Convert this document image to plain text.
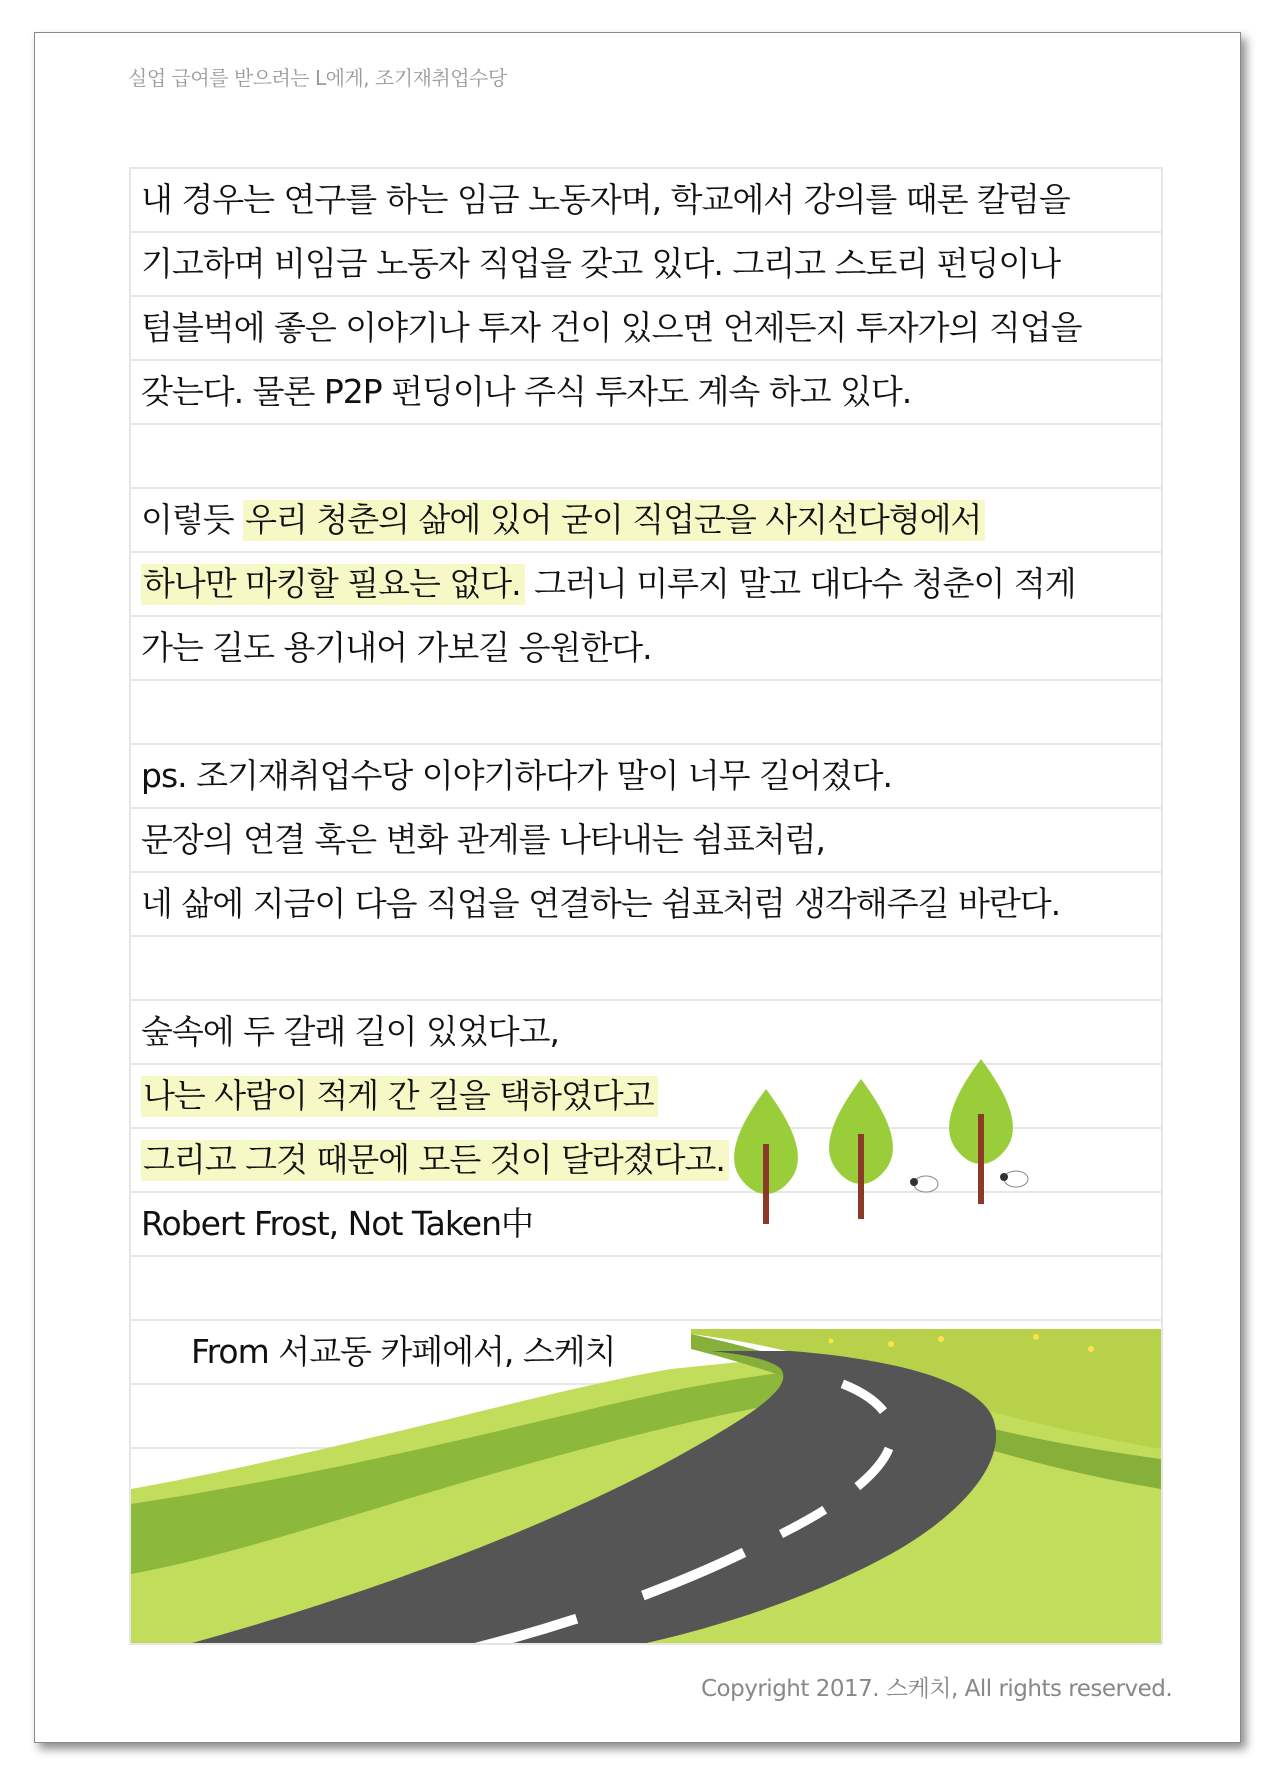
실업 급여를 받으려는 L에게, 조기재취업수당
내 경우는 연구를 하는 임금 노동자며, 학교에서 강의를 때론 칼럼을
기고하며 비임금 노동자 직업을 갖고 있다. 그리고 스토리 펀딩이나
텀블벅에 좋은 이야기나 투자 건이 있으면 언제든지 투자가의 직업을
갖는다. 물론 P2P 펀딩이나 주식 투자도 계속 하고 있다.
이렇듯 우리 청춘의 삶에 있어 굳이 직업군을 사지선다형에서
하나만 마킹할 필요는 없다. 그러니 미루지 말고 대다수 청춘이 적게
가는 길도 용기내어 가보길 응원한다.
ps. 조기재취업수당 이야기하다가 말이 너무 길어졌다.
문장의 연결 혹은 변화 관계를 나타내는 쉼표처럼,
네 삶에 지금이 다음 직업을 연결하는 쉼표처럼 생각해주길 바란다.
숲속에 두 갈래 길이 있었다고,
나는 사람이 적게 간 길을 택하였다고
그리고 그것 때문에 모든 것이 달라졌다고.
Robert Frost, Not Taken中
From 서교동 카페에서, 스케치
Copyright 2017. 스케치, All rights reserved.
